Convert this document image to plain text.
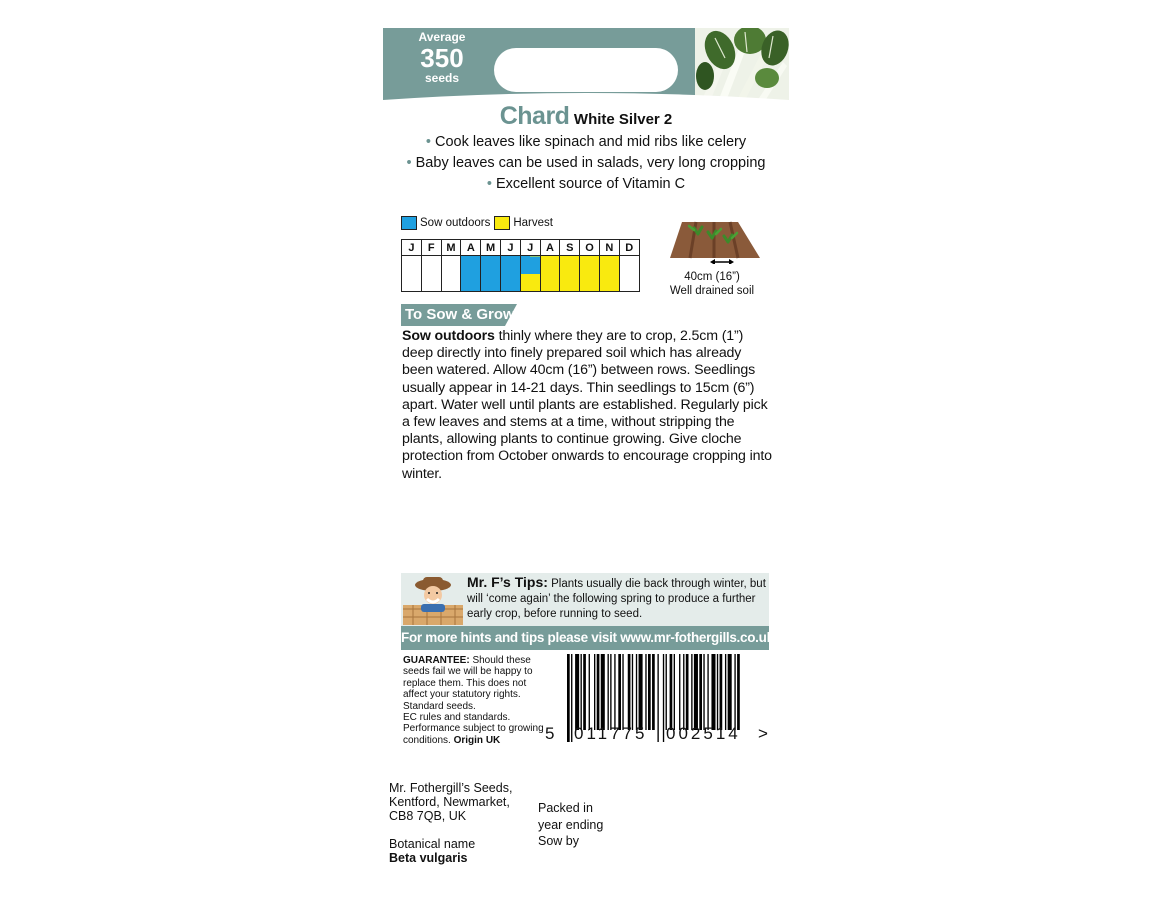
Average
350
seeds
Chard White Silver 2
• Cook leaves like spinach and mid ribs like celery
• Baby leaves can be used in salads, very long cropping
• Excellent source of Vitamin C
Sow outdoors Harvest
J	F	M	A	M	J	J	A	S	O	N	D

40cm (16”)
Well drained soil
To Sow & Grow
Sow outdoors thinly where they are to crop, 2.5cm (1”) deep directly into finely prepared soil which has already been watered. Allow 40cm (16”) between rows. Seedlings usually appear in 14-21 days. Thin seedlings to 15cm (6”) apart. Water well until plants are established. Regularly pick a few leaves and stems at a time, without stripping the plants, allowing plants to continue growing. Give cloche protection from October onwards to encourage cropping into winter.
Mr. F’s Tips: Plants usually die back through winter, but will ‘come again’ the following spring to produce a further early crop, before running to seed.
For more hints and tips please visit www.mr-fothergills.co.uk
GUARANTEE: Should these seeds fail we will be happy to replace them. This does not affect your statutory rights.
Standard seeds.
EC rules and standards.
Performance subject to growing conditions. Origin UK	5 011775 002514 >
Mr. Fothergill’s Seeds,
Kentford, Newmarket,
CB8 7QB, UK
Packed in
year ending
Sow by
Botanical name
Beta vulgaris
